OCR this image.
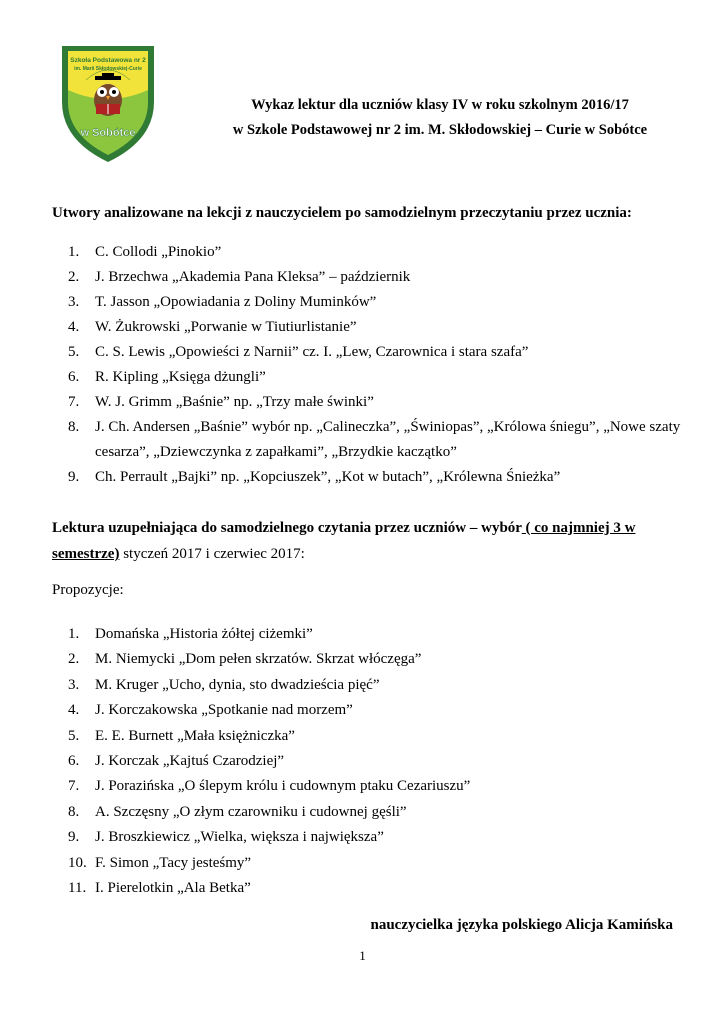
Szkoła Podstawowa nr 2
im. Marii Skłodowskiej-Curie
w Sobótce
Wykaz lektur dla uczniów klasy IV w roku szkolnym 2016/17
w Szkole Podstawowej nr 2 im. M. Skłodowskiej – Curie w Sobótce
Utwory analizowane na lekcji z nauczycielem po samodzielnym przeczytaniu przez ucznia:
1. C. Collodi „Pinokio”
2. J. Brzechwa „Akademia Pana Kleksa” – październik
3. T. Jasson „Opowiadania z Doliny Muminków”
4. W. Żukrowski „Porwanie w Tiutiurlistanie”
5. C. S. Lewis „Opowieści z Narnii” cz. I. „Lew, Czarownica i stara szafa”
6. R. Kipling „Księga dżungli”
7. W. J. Grimm „Baśnie” np. „Trzy małe świnki”
8. J. Ch. Andersen „Baśnie” wybór np. „Calineczka”, „Świniopas”, „Królowa śniegu”, „Nowe szaty cesarza”, „Dziewczynka z zapałkami”, „Brzydkie kaczątko”
9. Ch. Perrault „Bajki” np. „Kopciuszek”, „Kot w butach”, „Królewna Śnieżka”
Lektura uzupełniająca do samodzielnego czytania przez uczniów – wybór ( co najmniej 3 w semestrze) styczeń 2017 i czerwiec 2017:
Propozycje:
1. Domańska „Historia żółtej ciżemki”
2. M. Niemycki „Dom pełen skrzatów. Skrzat włóczęga”
3. M. Kruger „Ucho, dynia, sto dwadzieścia pięć”
4. J. Korczakowska „Spotkanie nad morzem”
5. E. E. Burnett „Mała księżniczka”
6. J. Korczak „Kajtuś Czarodziej”
7. J. Porazińska „O ślepym królu i cudownym ptaku Cezariuszu”
8. A. Szczęsny „O złym czarowniku i cudownej gęśli”
9. J. Broszkiewicz „Wielka, większa i największa”
10. F. Simon „Tacy jesteśmy”
11. I. Pierelotkin „Ala Betka”
nauczycielka języka polskiego Alicja Kamińska
1
